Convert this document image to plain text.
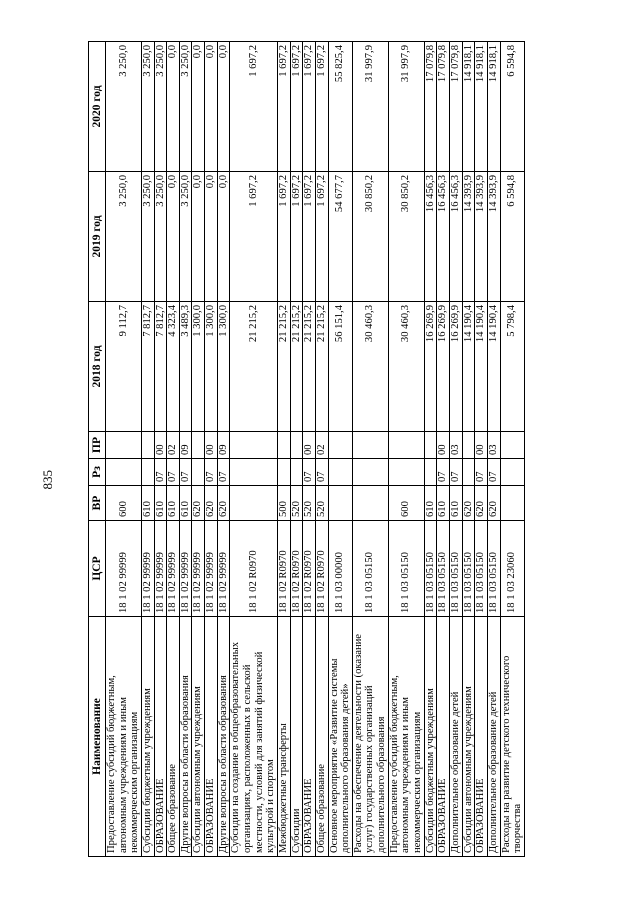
835
Наименование	ЦСР	ВР	Рз	ПР	2018 год	2019 год	2020 год
Предоставление субсидий бюджетным, автономным учреждениям и иным некоммерческим организациям	18 1 02 99999	600			9 112,7	3 250,0	3 250,0
Субсидии бюджетным учреждениям	18 1 02 99999	610			7 812,7	3 250,0	3 250,0
ОБРАЗОВАНИЕ	18 1 02 99999	610	07	00	7 812,7	3 250,0	3 250,0
Общее образование	18 1 02 99999	610	07	02	4 323,4	0,0	0,0
Другие вопросы в области образования	18 1 02 99999	610	07	09	3 489,3	3 250,0	3 250,0
Субсидии автономным учреждениям	18 1 02 99999	620			1 300,0	0,0	0,0
ОБРАЗОВАНИЕ	18 1 02 99999	620	07	00	1 300,0	0,0	0,0
Другие вопросы в области образования	18 1 02 99999	620	07	09	1 300,0	0,0	0,0
Субсидии на создание в общеобразовательных организациях, расположенных в сельской местности, условий для занятий физической культурой и спортом	18 1 02 R0970				21 215,2	1 697,2	1 697,2
Межбюджетные трансферты	18 1 02 R0970	500			21 215,2	1 697,2	1 697,2
Субсидии	18 1 02 R0970	520			21 215,2	1 697,2	1 697,2
ОБРАЗОВАНИЕ	18 1 02 R0970	520	07	00	21 215,2	1 697,2	1 697,2
Общее образование	18 1 02 R0970	520	07	02	21 215,2	1 697,2	1 697,2
Основное мероприятие «Развитие системы дополнительного образования детей»	18 1 03 00000				56 151,4	54 677,7	55 825,4
Расходы на обеспечение деятельности (оказание услуг) государственных организаций дополнительного образования	18 1 03 05150				30 460,3	30 850,2	31 997,9
Предоставление субсидий бюджетным, автономным учреждениям и иным некоммерческим организациям	18 1 03 05150	600			30 460,3	30 850,2	31 997,9
Субсидии бюджетным учреждениям	18 1 03 05150	610			16 269,9	16 456,3	17 079,8
ОБРАЗОВАНИЕ	18 1 03 05150	610	07	00	16 269,9	16 456,3	17 079,8
Дополнительное образование детей	18 1 03 05150	610	07	03	16 269,9	16 456,3	17 079,8
Субсидии автономным учреждениям	18 1 03 05150	620			14 190,4	14 393,9	14 918,1
ОБРАЗОВАНИЕ	18 1 03 05150	620	07	00	14 190,4	14 393,9	14 918,1
Дополнительное образование детей	18 1 03 05150	620	07	03	14 190,4	14 393,9	14 918,1
Расходы на развитие детского технического творчества	18 1 03 23060				5 798,4	6 594,8	6 594,8
